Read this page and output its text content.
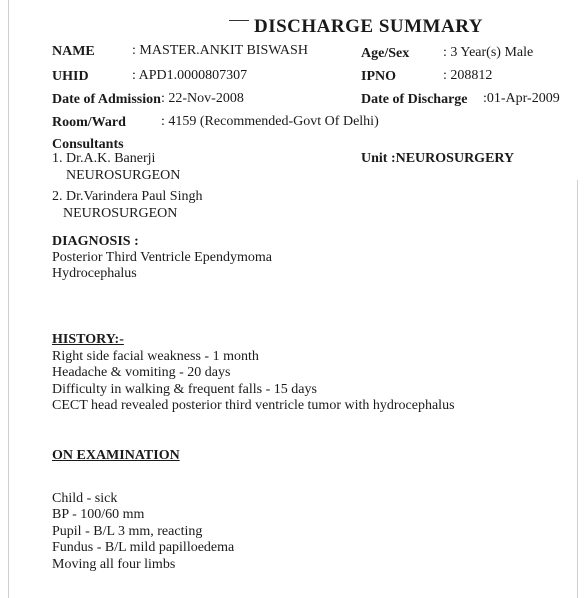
DISCHARGE SUMMARY
NAME	: MASTER.ANKIT BISWASH	Age/Sex : 3 Year(s) Male
UHID	: APD1.0000807307	IPNO	: 208812
Date of Admission : 22-Nov-2008	Date of Discharge :01-Apr-2009
Room/Ward	: 4159 (Recommended-Govt Of Delhi)
Consultants
1. Dr.A.K. Banerji
NEUROSURGEON
2. Dr.Varindera Paul Singh
NEUROSURGEON
Unit :NEUROSURGERY
DIAGNOSIS :
Posterior Third Ventricle Ependymoma
Hydrocephalus
HISTORY:-
Right side facial weakness - 1 month
Headache & vomiting - 20 days
Difficulty in walking & frequent falls - 15 days
CECT head revealed posterior third ventricle tumor with hydrocephalus
ON EXAMINATION
Child - sick
BP - 100/60 mm
Pupil - B/L 3 mm, reacting
Fundus - B/L mild papilloedema
Moving all four limbs
